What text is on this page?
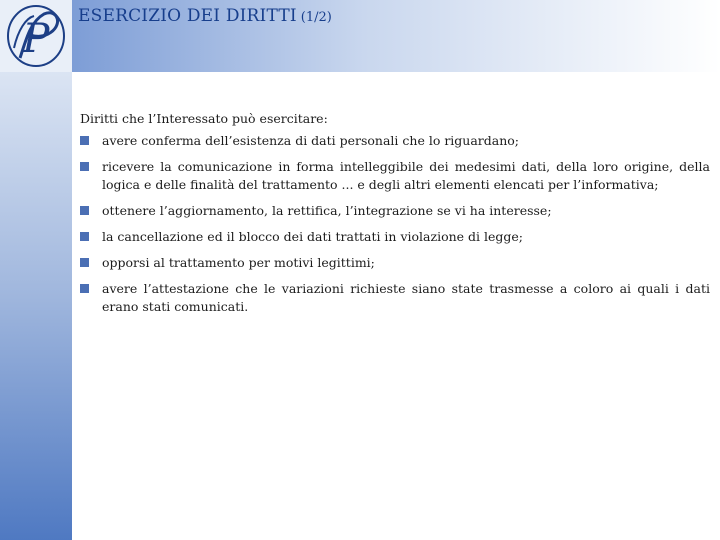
P ESERCIZIO DEI DIRITTI (1/2)

Diritti che l’Interessato può esercitare:

avere conferma dell’esistenza di dati personali che lo riguardano;
ricevere la comunicazione in forma intelleggibile dei medesimi dati, della loro origine, della logica e delle finalità del trattamento ... e degli altri elementi elencati per l’informativa;
ottenere l’aggiornamento, la rettifica, l’integrazione se vi ha interesse;
la cancellazione ed il blocco dei dati trattati in violazione di legge;
opporsi al trattamento per motivi legittimi;
avere l’attestazione che le variazioni richieste siano state trasmesse a coloro ai quali i dati erano stati comunicati.
